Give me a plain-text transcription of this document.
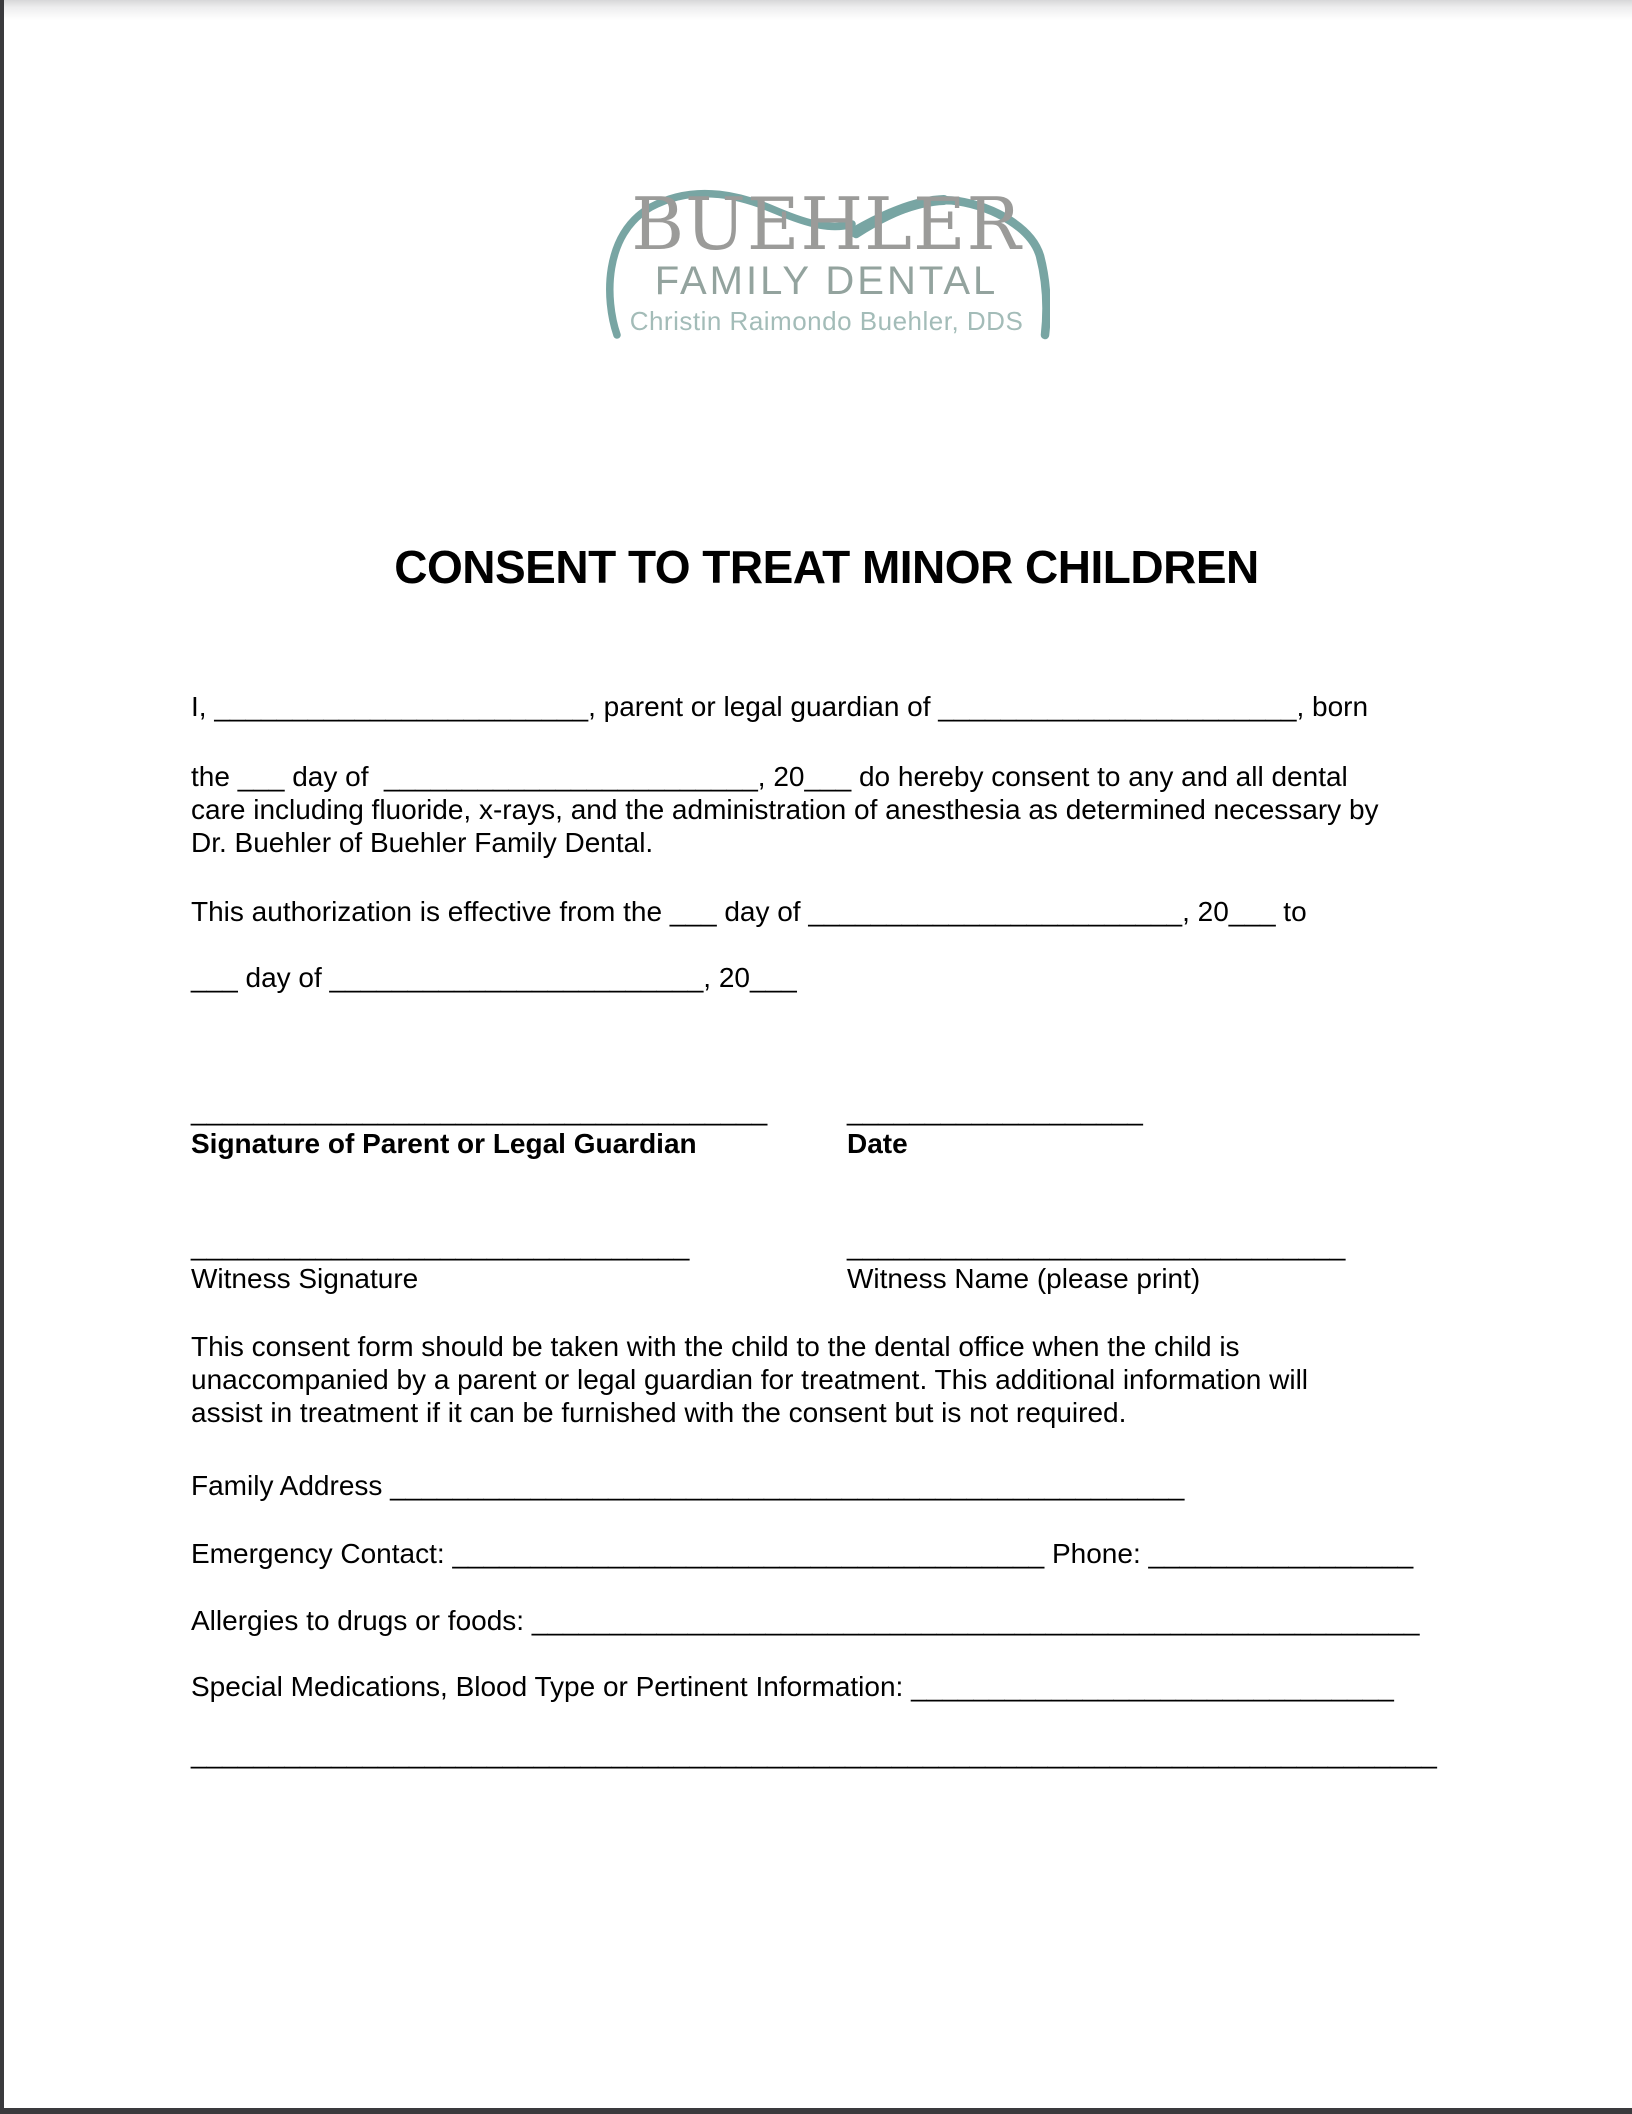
BUEHLER
FAMILY DENTAL
Christin Raimondo Buehler, DDS
CONSENT TO TREAT MINOR CHILDREN
I, ________________________, parent or legal guardian of _______________________, born
the ___ day of  ________________________, 20___ do hereby consent to any and all dental
care including fluoride, x-rays, and the administration of anesthesia as determined necessary by
Dr. Buehler of Buehler Family Dental.
This authorization is effective from the ___ day of ________________________, 20___ to
___ day of ________________________, 20___
_____________________________________
Signature of Parent or Legal Guardian
___________________
Date
________________________________
Witness Signature
________________________________
Witness Name (please print)
This consent form should be taken with the child to the dental office when the child is
unaccompanied by a parent or legal guardian for treatment. This additional information will
assist in treatment if it can be furnished with the consent but is not required.
Family Address ___________________________________________________
Emergency Contact: ______________________________________ Phone: _________________
Allergies to drugs or foods: _________________________________________________________
Special Medications, Blood Type or Pertinent Information: _______________________________
________________________________________________________________________________
